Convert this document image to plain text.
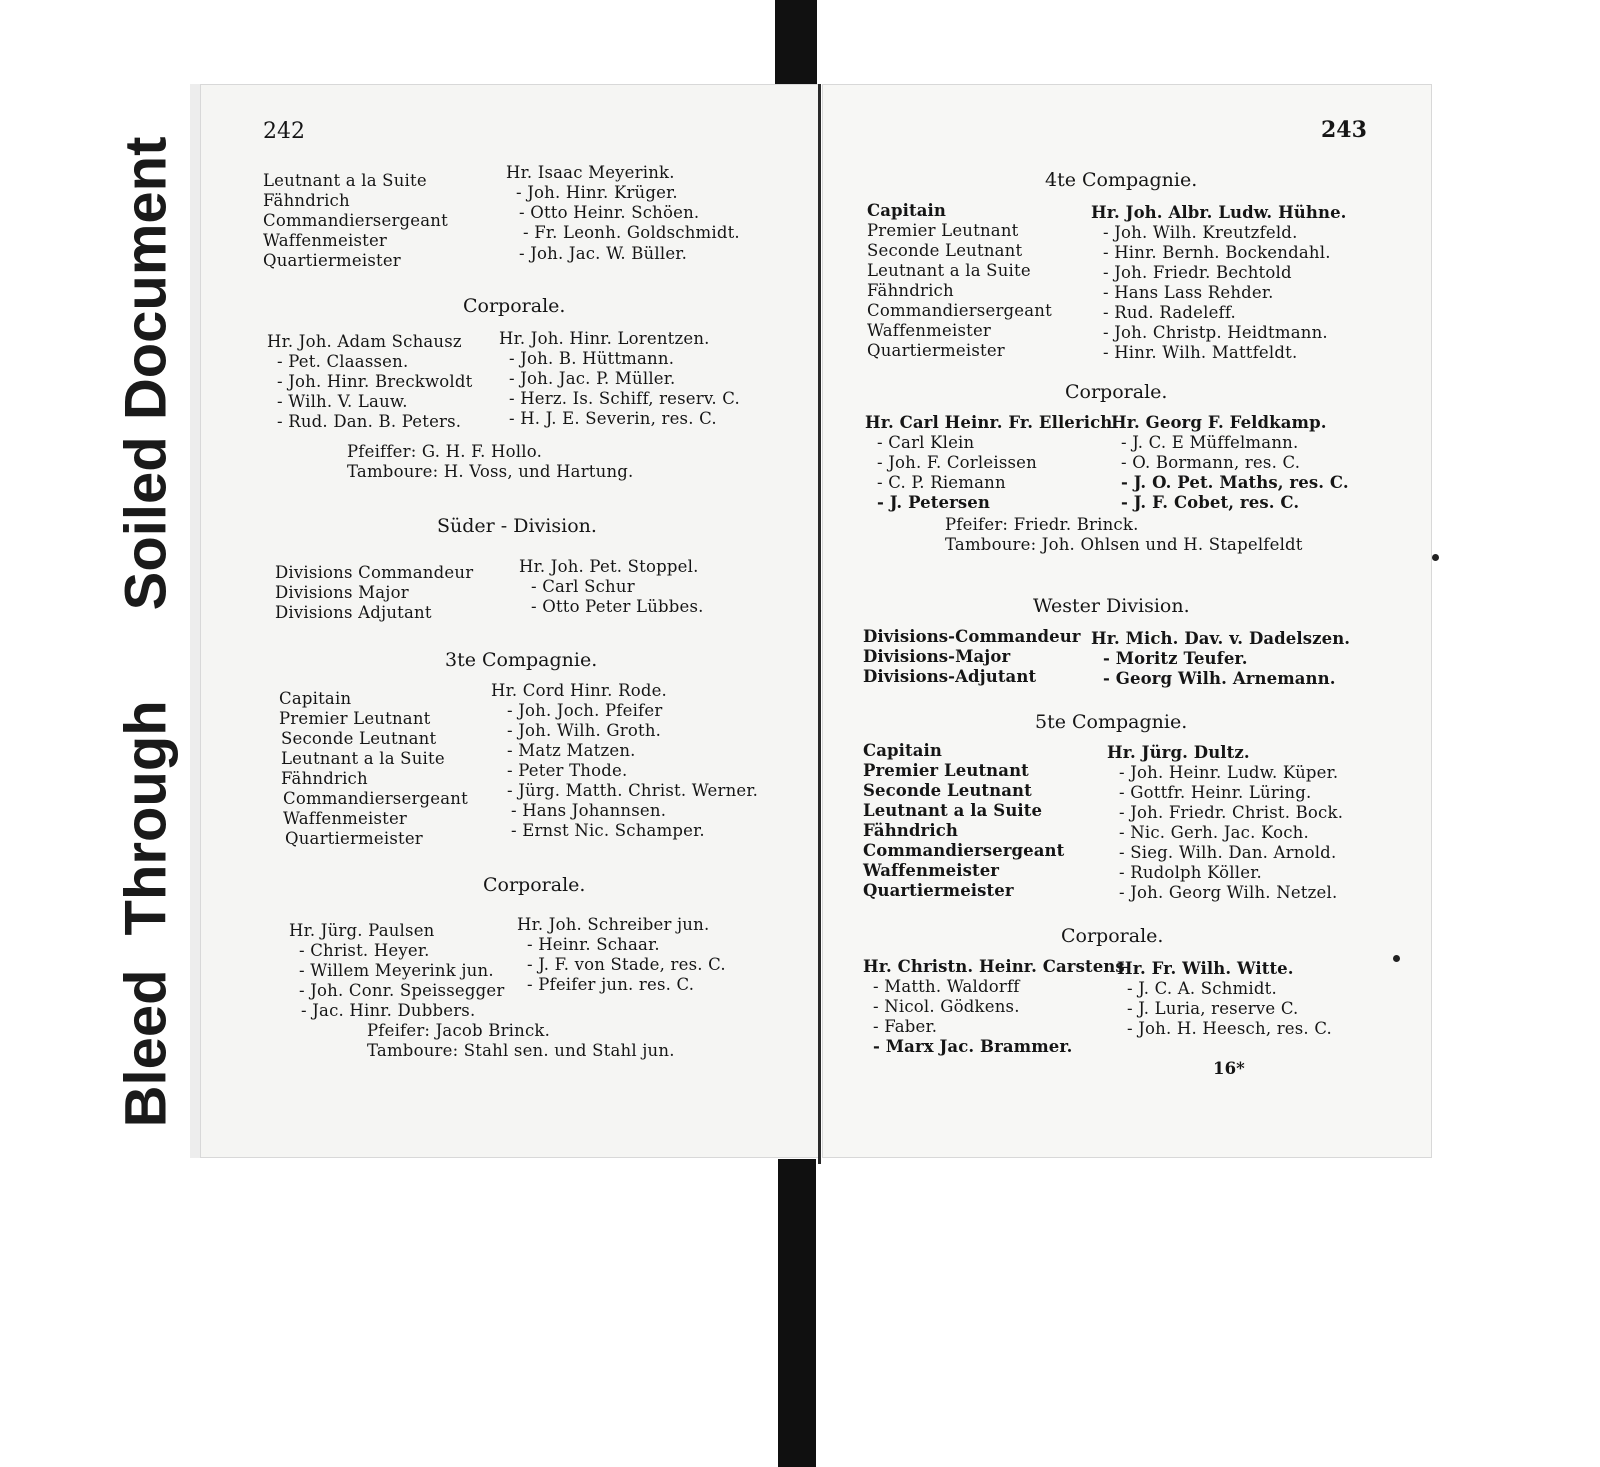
Bleed
Through
Soiled Document
242
Leutnant a la Suite	Hr. Isaac Meyerink.
Fähndrich	- Joh. Hinr. Krüger.
Commandiersergeant	- Otto Heinr. Schöen.
Waffenmeister	- Fr. Leonh. Goldschmidt.
Quartiermeister	- Joh. Jac. W. Büller.
Corporale.
Hr. Joh. Adam Schausz
- Pet. Claassen.
- Joh. Hinr. Breckwoldt
- Wilh. V. Lauw.
- Rud. Dan. B. Peters.
Hr. Joh. Hinr. Lorentzen.
- Joh. B. Hüttmann.
- Joh. Jac. P. Müller.
- Herz. Is. Schiff, reserv. C.
- H. J. E. Severin, res. C.
Pfeiffer: G. H. F. Hollo.
Tamboure: H. Voss, und Hartung.
Süder - Division.
Divisions Commandeur	Hr. Joh. Pet. Stoppel.
Divisions Major	- Carl Schur
Divisions Adjutant	- Otto Peter Lübbes.
3te Compagnie.
Capitain	Hr. Cord Hinr. Rode.
Premier Leutnant	- Joh. Joch. Pfeifer
Seconde Leutnant	- Joh. Wilh. Groth.
Leutnant a la Suite	- Matz Matzen.
Fähndrich	- Peter Thode.
Commandiersergeant - Jürg. Matth. Christ. Werner.
Waffenmeister	- Hans Johannsen.
Quartiermeister	- Ernst Nic. Schamper.
Corporale.
Hr. Jürg. Paulsen
- Christ. Heyer.
- Willem Meyerink jun.
- Joh. Conr. Speissegger
- Jac. Hinr. Dubbers.
Hr. Joh. Schreiber jun.
- Heinr. Schaar.
- J. F. von Stade, res. C.
- Pfeifer jun. res. C.
Pfeifer: Jacob Brinck.
Tamboure: Stahl sen. und Stahl jun.
243
4te Compagnie.
Capitain	Hr. Joh. Albr. Ludw. Hühne.
Premier Leutnant	- Joh. Wilh. Kreutzfeld.
Seconde Leutnant	- Hinr. Bernh. Bockendahl.
Leutnant a la Suite	- Joh. Friedr. Bechtold
Fähndrich	- Hans Lass Rehder.
Commandiersergeant	- Rud. Radeleff.
Waffenmeister	- Joh. Christp. Heidtmann.
Quartiermeister	- Hinr. Wilh. Mattfeldt.
Corporale.
Hr. Carl Heinr. Fr. Ellerich
- Carl Klein
- Joh. F. Corleissen
- C. P. Riemann
- J. Petersen
Hr. Georg F. Feldkamp.
- J. C. E Müffelmann.
- O. Bormann, res. C.
- J. O. Pet. Maths, res. C.
- J. F. Cobet, res. C.
Pfeifer: Friedr. Brinck.
Tamboure: Joh. Ohlsen und H. Stapelfeldt
Wester Division.
Divisions-Commandeur Hr. Mich. Dav. v. Dadelszen.
Divisions-Major	- Moritz Teufer.
Divisions-Adjutant	- Georg Wilh. Arnemann.
5te Compagnie.
Capitain	Hr. Jürg. Dultz.
Premier Leutnant	- Joh. Heinr. Ludw. Küper.
Seconde Leutnant	- Gottfr. Heinr. Lüring.
Leutnant a la Suite	- Joh. Friedr. Christ. Bock.
Fähndrich	- Nic. Gerh. Jac. Koch.
Commandiersergeant	- Sieg. Wilh. Dan. Arnold.
Waffenmeister	- Rudolph Köller.
Quartiermeister	- Joh. Georg Wilh. Netzel.
Corporale.
Hr. Christn. Heinr. Carstens
- Matth. Waldorff
- Nicol. Gödkens.
- Faber.
- Marx Jac. Brammer.
Hr. Fr. Wilh. Witte.
- J. C. A. Schmidt.
- J. Luria, reserve C.
- Joh. H. Heesch, res. C.
16*
